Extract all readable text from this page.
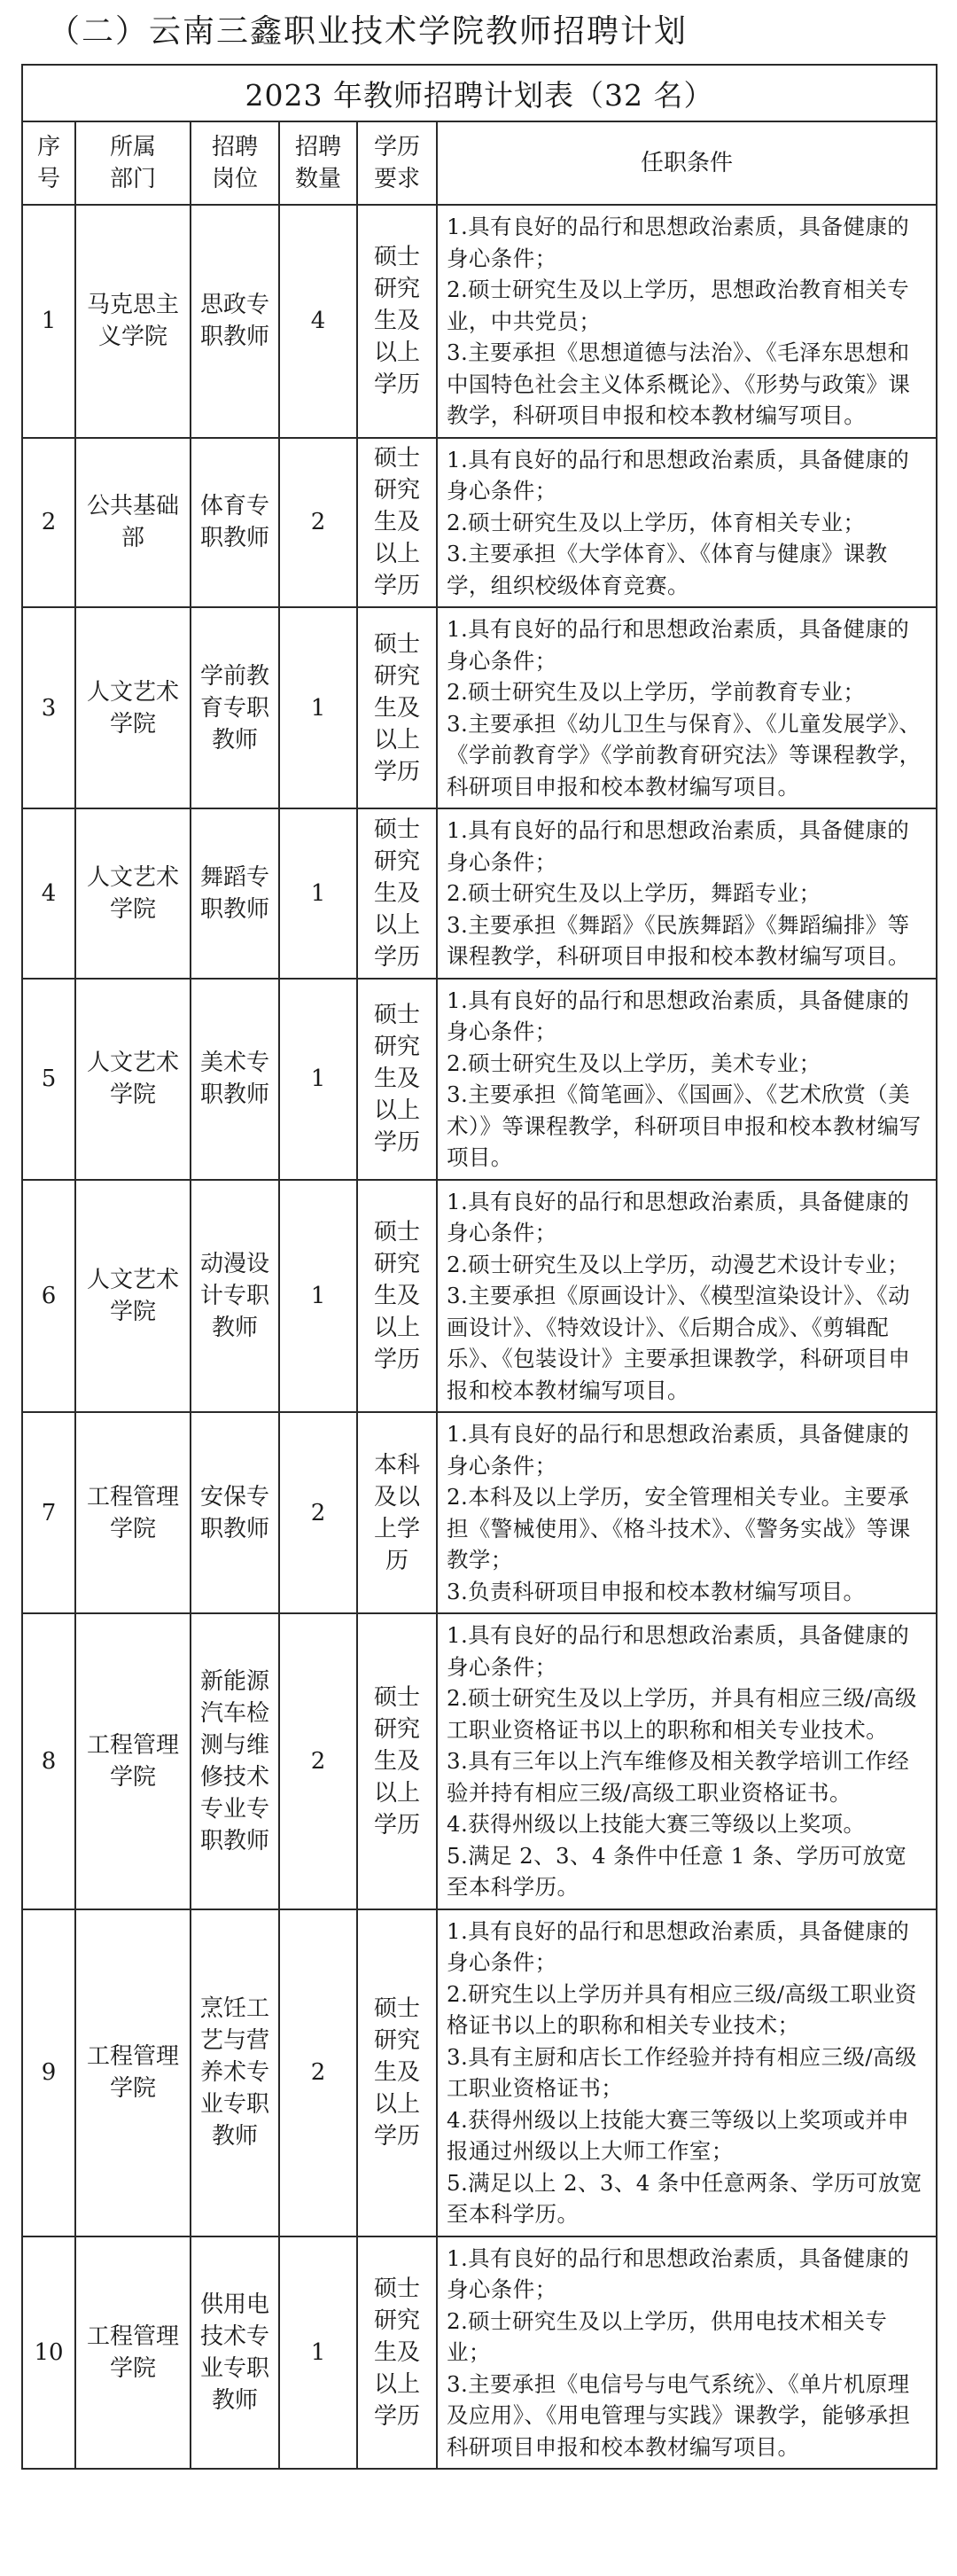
（二）云南三鑫职业技术学院教师招聘计划
2023 年教师招聘计划表（32 名）					

序号	所属部门	招聘岗位	招聘数量	学历要求	任职条件
1	马克思主义学院	思政专职教师	4	硕士研究生及以上学历	1.具有良好的品行和思想政治素质，具备健康的身心条件；

2.硕士研究生及以上学历，思想政治教育相关专业，中共党员；

3.主要承担《思想道德与法治》、《毛泽东思想和中国特色社会主义体系概论》、《形势与政策》课教学，科研项目申报和校本教材编写项目。

2	公共基础部	体育专职教师	2	硕士研究生及以上学历	1.具有良好的品行和思想政治素质，具备健康的身心条件；

2.硕士研究生及以上学历，体育相关专业；

3.主要承担《大学体育》、《体育与健康》课教学，组织校级体育竞赛。

3	人文艺术学院	学前教育专职教师	1	硕士研究生及以上学历	1.具有良好的品行和思想政治素质，具备健康的身心条件；

2.硕士研究生及以上学历，学前教育专业；

3.主要承担《幼儿卫生与保育》、《儿童发展学》、《学前教育学》《学前教育研究法》等课程教学，科研项目申报和校本教材编写项目。

4	人文艺术学院	舞蹈专职教师	1	硕士研究生及以上学历	1.具有良好的品行和思想政治素质，具备健康的身心条件；

2.硕士研究生及以上学历，舞蹈专业；

3.主要承担《舞蹈》《民族舞蹈》《舞蹈编排》等课程教学，科研项目申报和校本教材编写项目。

5	人文艺术学院	美术专职教师	1	硕士研究生及以上学历	1.具有良好的品行和思想政治素质，具备健康的身心条件；

2.硕士研究生及以上学历，美术专业；

3.主要承担《简笔画》、《国画》、《艺术欣赏（美术）》等课程教学，科研项目申报和校本教材编写项目。

6	人文艺术学院	动漫设计专职教师	1	硕士研究生及以上学历	1.具有良好的品行和思想政治素质，具备健康的身心条件；

2.硕士研究生及以上学历，动漫艺术设计专业；

3.主要承担《原画设计》、《模型渲染设计》、《动画设计》、《特效设计》、《后期合成》、《剪辑配乐》、《包装设计》主要承担课教学，科研项目申报和校本教材编写项目。

7	工程管理学院	安保专职教师	2	本科及以上学历	1.具有良好的品行和思想政治素质，具备健康的身心条件；

2.本科及以上学历，安全管理相关专业。主要承担《警械使用》、《格斗技术》、《警务实战》等课教学；

3.负责科研项目申报和校本教材编写项目。

8	工程管理学院	新能源汽车检测与维修技术专业专职教师	2	硕士研究生及以上学历	1.具有良好的品行和思想政治素质，具备健康的身心条件；

2.硕士研究生及以上学历，并具有相应三级/高级工职业资格证书以上的职称和相关专业技术。

3.具有三年以上汽车维修及相关教学培训工作经验并持有相应三级/高级工职业资格证书。

4.获得州级以上技能大赛三等级以上奖项。

5.满足 2、3、4 条件中任意 1 条、学历可放宽至本科学历。

9	工程管理学院	烹饪工艺与营养术专业专职教师	2	硕士研究生及以上学历	1.具有良好的品行和思想政治素质，具备健康的身心条件；

2.研究生以上学历并具有相应三级/高级工职业资格证书以上的职称和相关专业技术；

3.具有主厨和店长工作经验并持有相应三级/高级工职业资格证书；

4.获得州级以上技能大赛三等级以上奖项或并申报通过州级以上大师工作室；

5.满足以上 2、3、4 条中任意两条、学历可放宽至本科学历。

10	工程管理学院	供用电技术专业专职教师	1	硕士研究生及以上学历	1.具有良好的品行和思想政治素质，具备健康的身心条件；

2.硕士研究生及以上学历，供用电技术相关专业；

3.主要承担《电信号与电气系统》、《单片机原理及应用》、《用电管理与实践》课教学，能够承担科研项目申报和校本教材编写项目。
